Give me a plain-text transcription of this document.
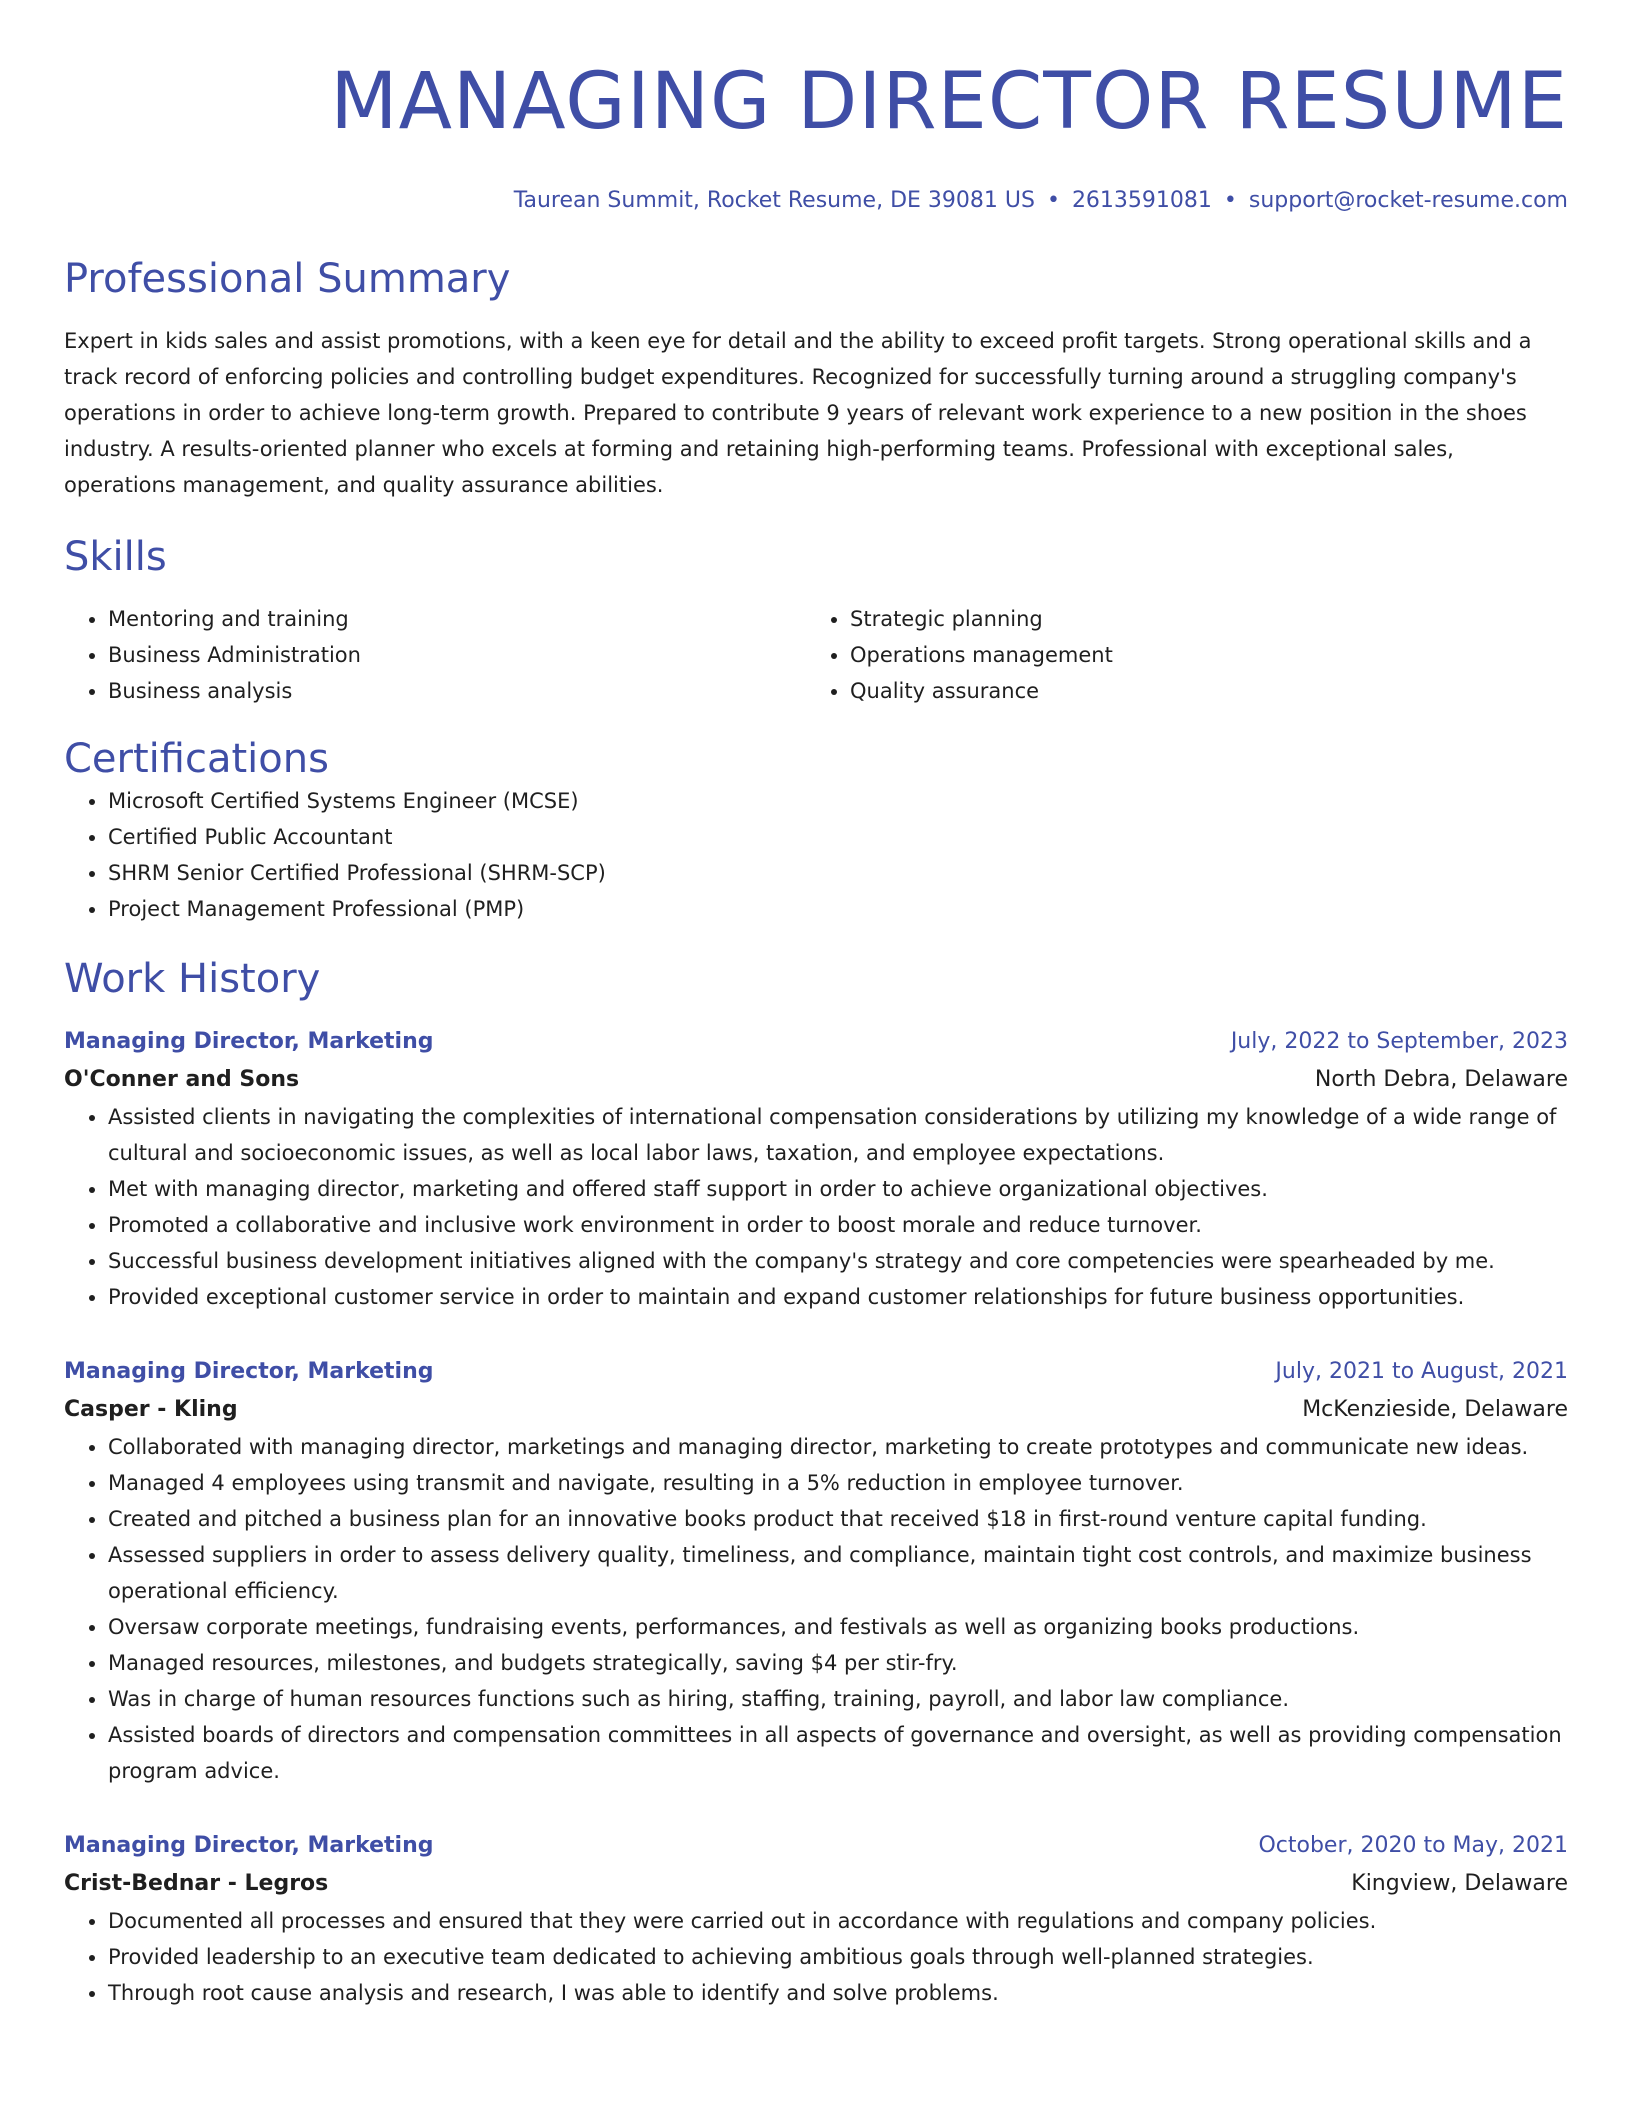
MANAGING DIRECTOR RESUME
Taurean Summit, Rocket Resume, DE 39081 US • 2613591081 • support@rocket-resume.com
Professional Summary
Expert in kids sales and assist promotions, with a keen eye for detail and the ability to exceed profit targets. Strong operational skills and a track record of enforcing policies and controlling budget expenditures. Recognized for successfully turning around a struggling company's operations in order to achieve long-term growth. Prepared to contribute 9 years of relevant work experience to a new position in the shoes industry. A results-oriented planner who excels at forming and retaining high-performing teams. Professional with exceptional sales, operations management, and quality assurance abilities.
Skills
• Mentoring and training
• Business Administration
• Business analysis
• Strategic planning
• Operations management
• Quality assurance
Certifications
• Microsoft Certified Systems Engineer (MCSE)
• Certified Public Accountant
• SHRM Senior Certified Professional (SHRM-SCP)
• Project Management Professional (PMP)
Work History
Managing Director, Marketing	July, 2022 to September, 2023
O'Conner and Sons	North Debra, Delaware
• Assisted clients in navigating the complexities of international compensation considerations by utilizing my knowledge of a wide range of cultural and socioeconomic issues, as well as local labor laws, taxation, and employee expectations.
• Met with managing director, marketing and offered staff support in order to achieve organizational objectives.
• Promoted a collaborative and inclusive work environment in order to boost morale and reduce turnover.
• Successful business development initiatives aligned with the company's strategy and core competencies were spearheaded by me.
• Provided exceptional customer service in order to maintain and expand customer relationships for future business opportunities.
Managing Director, Marketing	July, 2021 to August, 2021
Casper - Kling	McKenzieside, Delaware
• Collaborated with managing director, marketings and managing director, marketing to create prototypes and communicate new ideas.
• Managed 4 employees using transmit and navigate, resulting in a 5% reduction in employee turnover.
• Created and pitched a business plan for an innovative books product that received $18 in first-round venture capital funding.
• Assessed suppliers in order to assess delivery quality, timeliness, and compliance, maintain tight cost controls, and maximize business operational efficiency.
• Oversaw corporate meetings, fundraising events, performances, and festivals as well as organizing books productions.
• Managed resources, milestones, and budgets strategically, saving $4 per stir-fry.
• Was in charge of human resources functions such as hiring, staffing, training, payroll, and labor law compliance.
• Assisted boards of directors and compensation committees in all aspects of governance and oversight, as well as providing compensation program advice.
Managing Director, Marketing	October, 2020 to May, 2021
Crist-Bednar - Legros	Kingview, Delaware
• Documented all processes and ensured that they were carried out in accordance with regulations and company policies.
• Provided leadership to an executive team dedicated to achieving ambitious goals through well-planned strategies.
• Through root cause analysis and research, I was able to identify and solve problems.
